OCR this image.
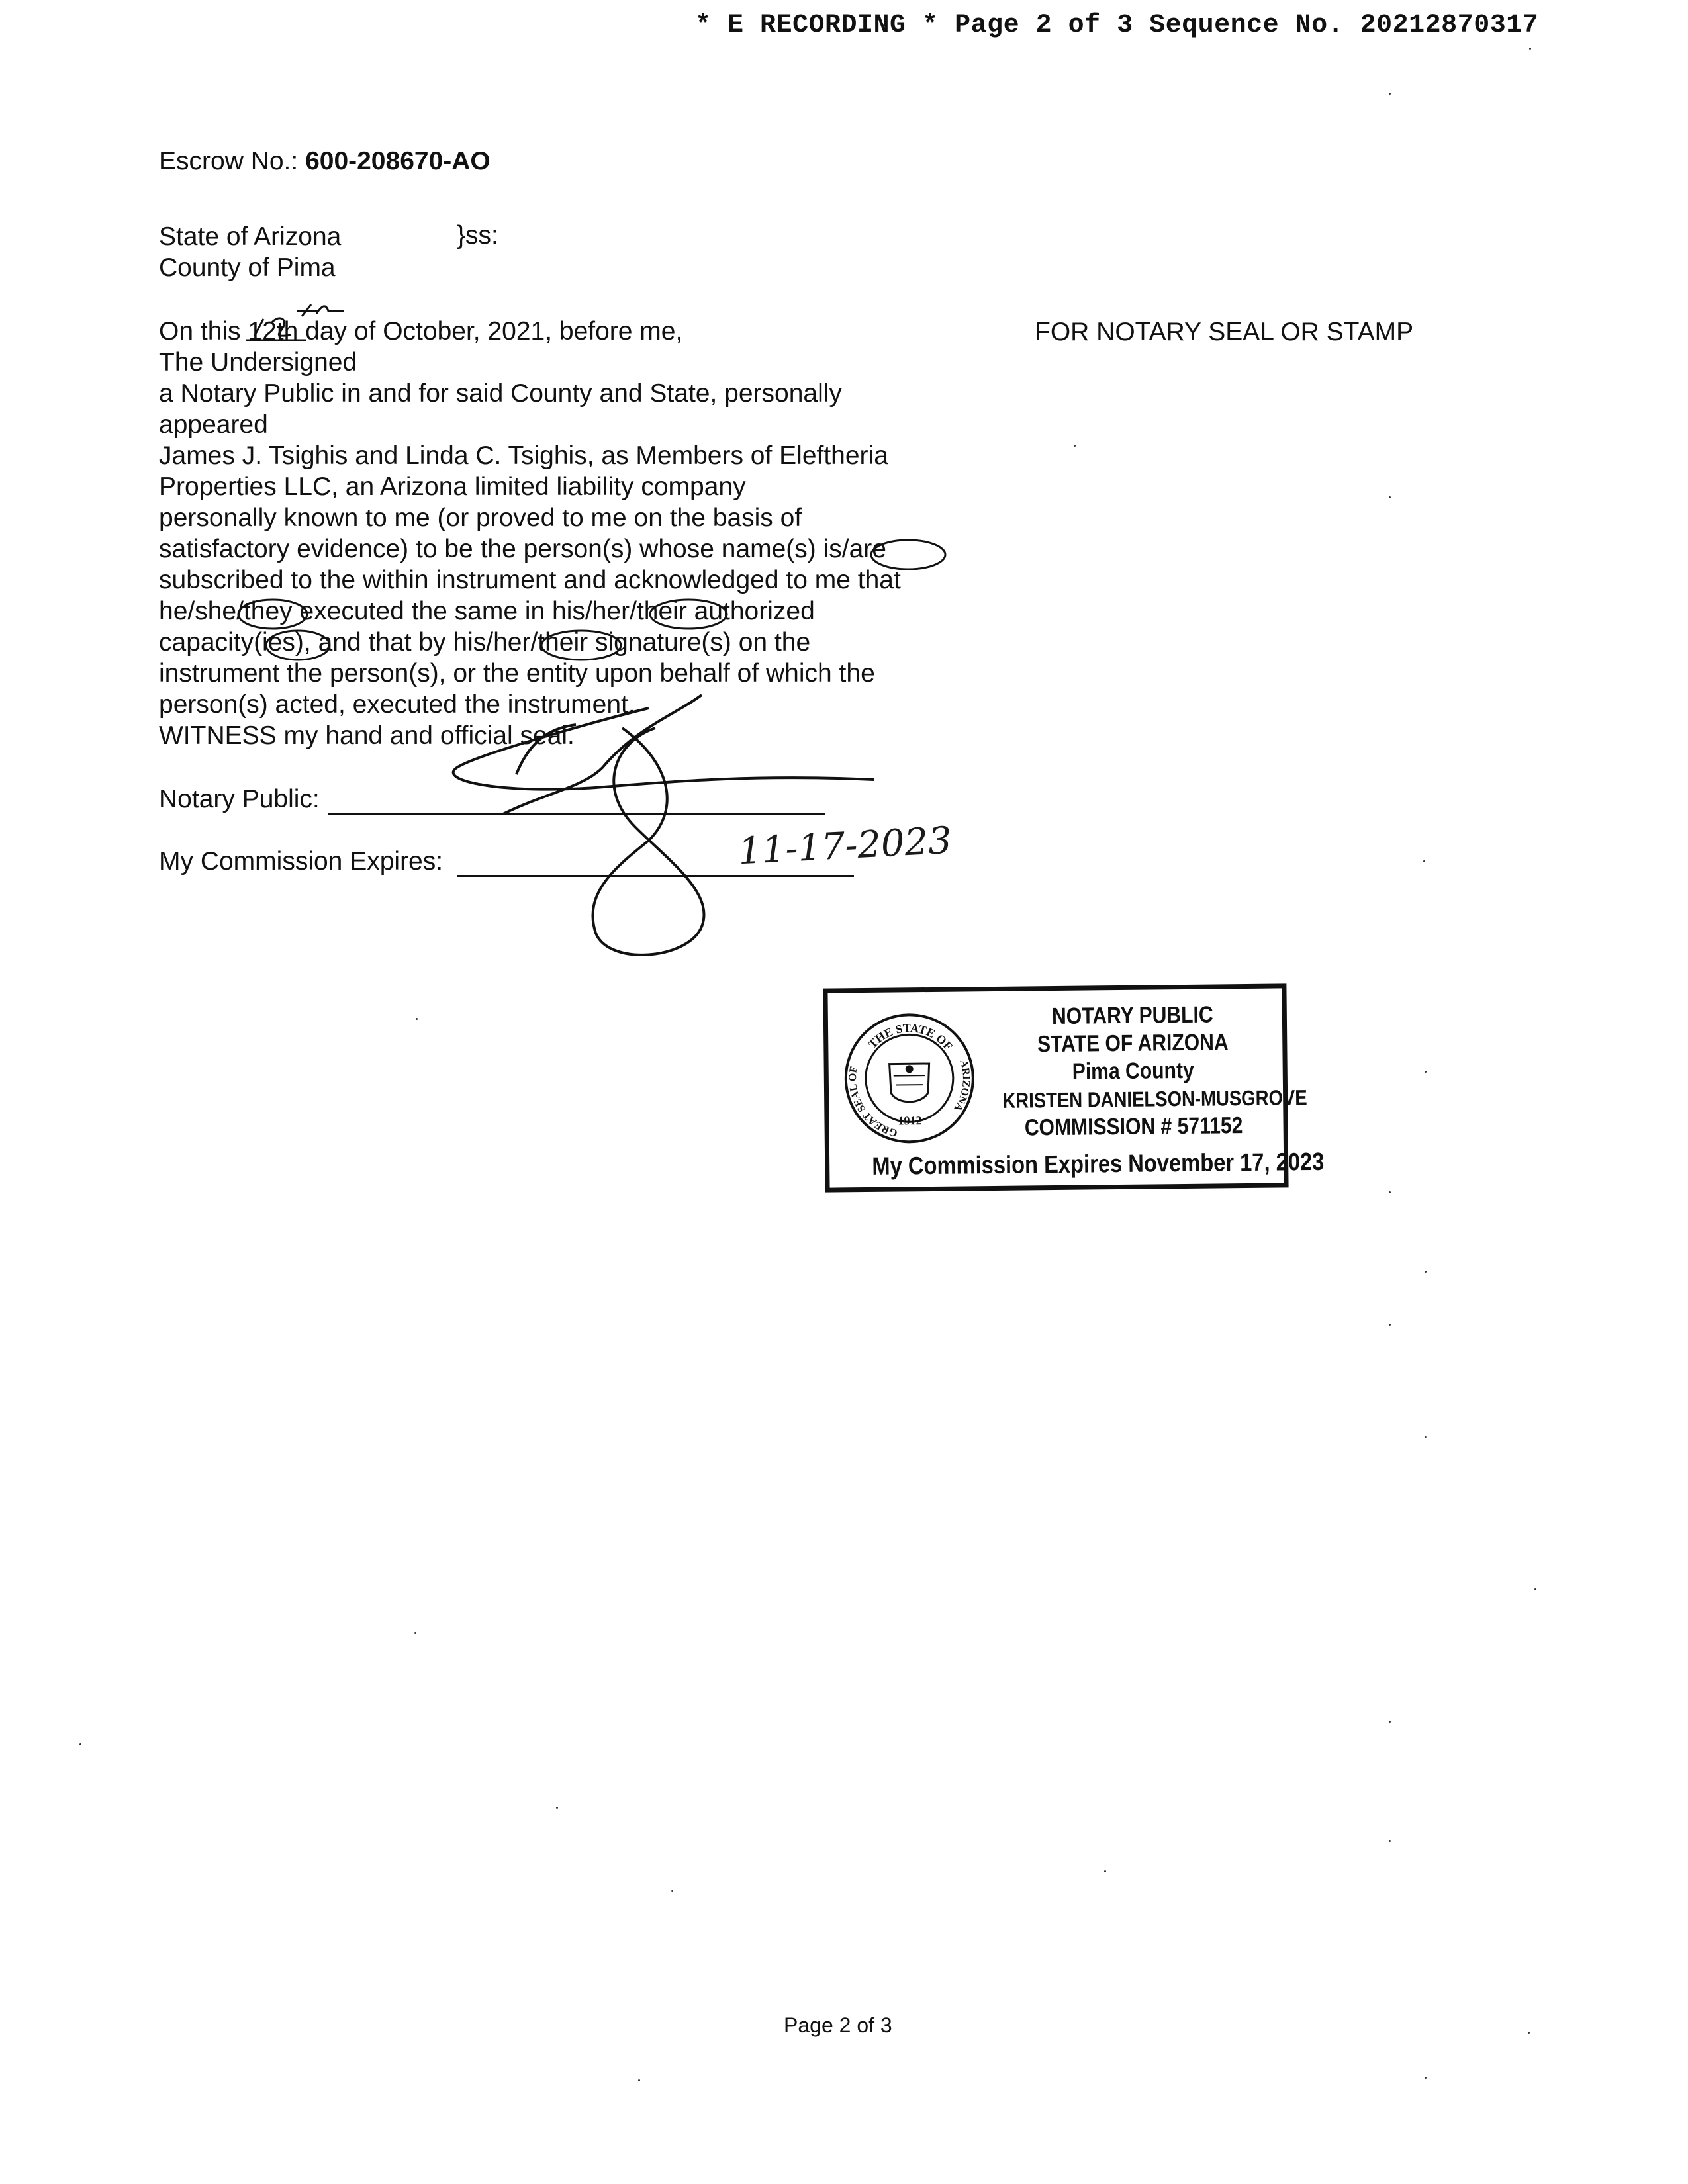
* E RECORDING * Page 2 of 3 Sequence No. 20212870317
Escrow No.: 600-208670-AO
State of Arizona
County of Pima
}ss:
On this 12th day of October, 2021, before me,
The Undersigned
a Notary Public in and for said County and State, personally
appeared
James J. Tsighis and Linda C. Tsighis, as Members of Eleftheria
Properties LLC, an Arizona limited liability company
personally known to me (or proved to me on the basis of
satisfactory evidence) to be the person(s) whose name(s) is/are
subscribed to the within instrument and acknowledged to me that
he/she/they executed the same in his/her/their authorized
capacity(ies), and that by his/her/their signature(s) on the
instrument the person(s), or the entity upon behalf of which the
person(s) acted, executed the instrument.
WITNESS my hand and official seal.
FOR NOTARY SEAL OR STAMP
Notary Public:
My Commission Expires:	11-17-2023
THE STATE OF
GREAT SEAL OF
ARIZONA
1912
NOTARY PUBLIC
STATE OF ARIZONA
Pima County
KRISTEN DANIELSON-MUSGROVE
COMMISSION # 571152
My Commission Expires November 17, 2023
Page 2 of 3
